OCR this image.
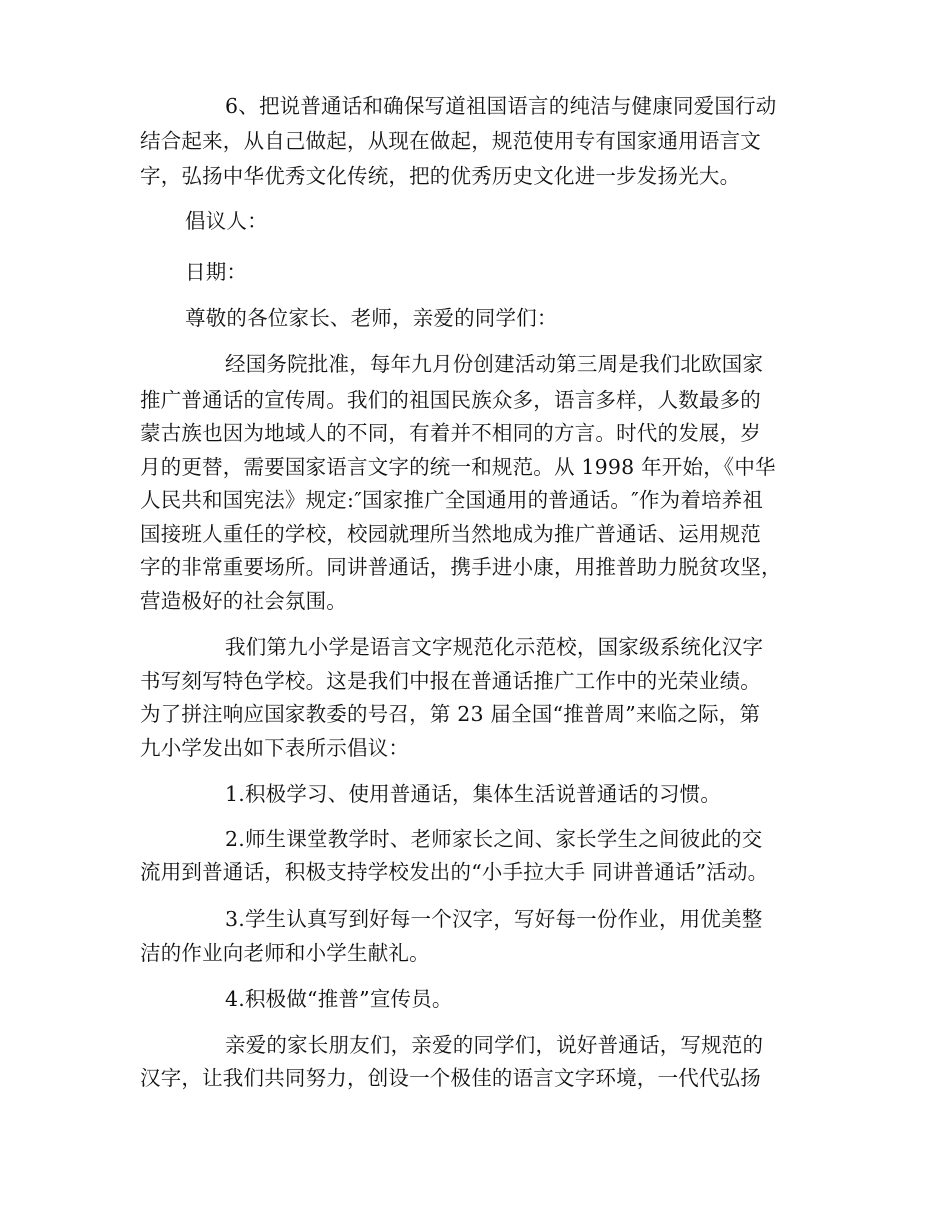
6、把说普通话和确保写道祖国语言的纯洁与健康同爱国行动
结合起来，从自己做起，从现在做起，规范使用专有国家通用语言文
字，弘扬中华优秀文化传统，把的优秀历史文化进一步发扬光大。
倡议人：
日期：
尊敬的各位家长、老师，亲爱的同学们：
经国务院批准，每年九月份创建活动第三周是我们北欧国家
推广普通话的宣传周。我们的祖国民族众多，语言多样，人数最多的
蒙古族也因为地域人的不同，有着并不相同的方言。时代的发展，岁
月的更替，需要国家语言文字的统一和规范。从 1998 年开始，《中华
人民共和国宪法》规定:″国家推广全国通用的普通话。″作为着培养祖
国接班人重任的学校，校园就理所当然地成为推广普通话、运用规范
字的非常重要场所。同讲普通话，携手进小康，用推普助力脱贫攻坚，
营造极好的社会氛围。
我们第九小学是语言文字规范化示范校，国家级系统化汉字
书写刻写特色学校。这是我们中报在普通话推广工作中的光荣业绩。
为了拼注响应国家教委的号召，第 23 届全国“推普周”来临之际，第
九小学发出如下表所示倡议：
1.积极学习、使用普通话，集体生活说普通话的习惯。
2.师生课堂教学时、老师家长之间、家长学生之间彼此的交
流用到普通话，积极支持学校发出的“小手拉大手 同讲普通话”活动。
3.学生认真写到好每一个汉字，写好每一份作业，用优美整
洁的作业向老师和小学生献礼。
4.积极做“推普”宣传员。
亲爱的家长朋友们，亲爱的同学们，说好普通话，写规范的
汉字，让我们共同努力，创设一个极佳的语言文字环境，一代代弘扬
